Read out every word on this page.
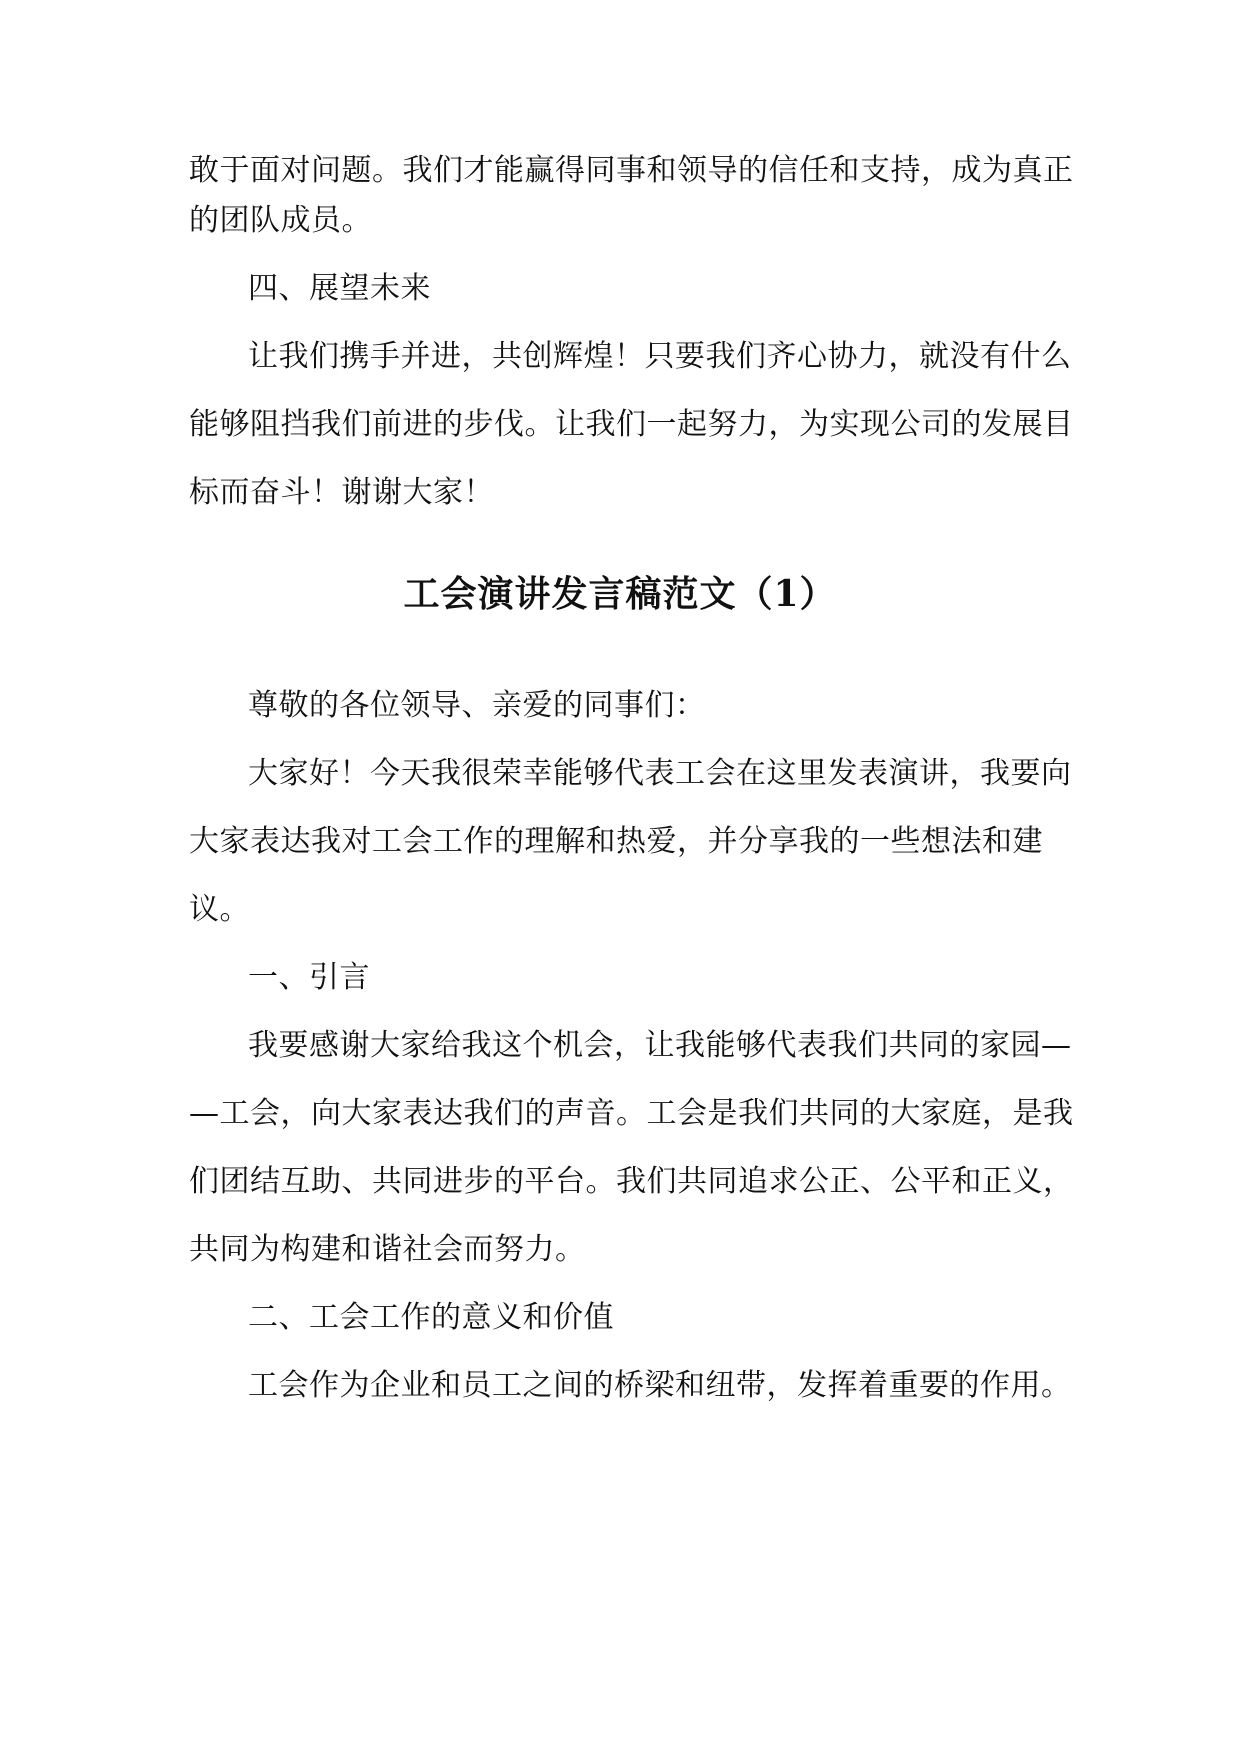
敢于面对问题。我们才能赢得同事和领导的信任和支持，成为真正
的团队成员。
四、展望未来
让我们携手并进，共创辉煌！只要我们齐心协力，就没有什么
能够阻挡我们前进的步伐。让我们一起努力，为实现公司的发展目
标而奋斗！谢谢大家！
工会演讲发言稿范文（1）
尊敬的各位领导、亲爱的同事们：
大家好！今天我很荣幸能够代表工会在这里发表演讲，我要向
大家表达我对工会工作的理解和热爱，并分享我的一些想法和建
议。
一、引言
我要感谢大家给我这个机会，让我能够代表我们共同的家园—
—工会，向大家表达我们的声音。工会是我们共同的大家庭，是我
们团结互助、共同进步的平台。我们共同追求公正、公平和正义，
共同为构建和谐社会而努力。
二、工会工作的意义和价值
工会作为企业和员工之间的桥梁和纽带，发挥着重要的作用。
